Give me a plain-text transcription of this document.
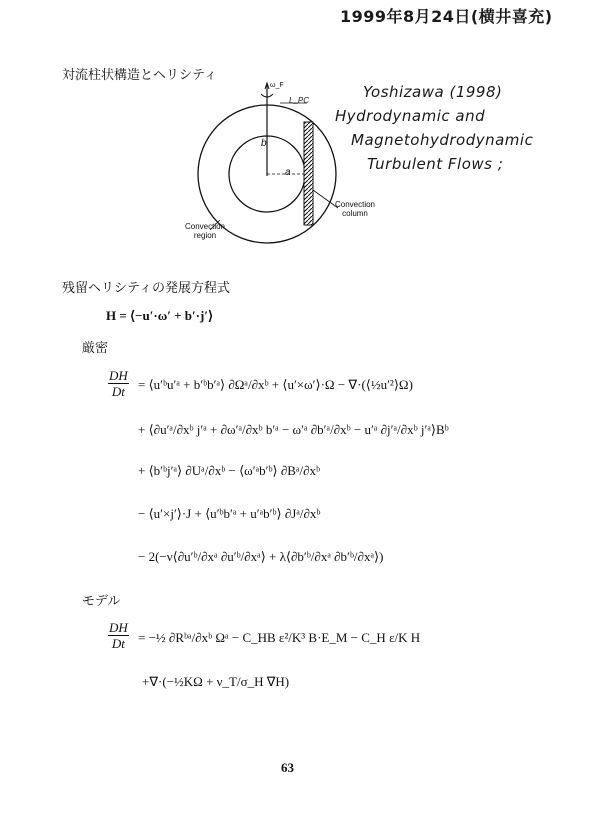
1999年8月24日(横井喜充)
対流柱状構造とヘリシティ
ω_F
L_PC
b
a
Convection region
Convection column
Yoshizawa (1998)
Hydrodynamic and
Magnetohydrodynamic
Turbulent Flows ;
残留ヘリシティの発展方程式
H = ⟨−u′·ω′ + b′·j′⟩
厳密
$\frac{DH}{Dt}$ = ⟨u′ᵇu′ᵃ + b′ᵇb′ᵃ⟩ ∂Ωᵃ/∂xᵇ + ⟨u′×ω′⟩·Ω − ∇·(⟨½u′²⟩Ω)
+ ⟨∂u′ᵃ/∂xᵇ j′ᵃ + ∂ω′ᵃ/∂xᵇ b′ᵃ − ω′ᵃ ∂b′ᵃ/∂xᵇ − u′ᵃ ∂j′ᵃ/∂xᵇ j′ᵃ⟩Bᵇ
+ ⟨b′ᵇj′ᵃ⟩ ∂Uᵃ/∂xᵇ − ⟨ω′ᵃb′ᵇ⟩ ∂Bᵃ/∂xᵇ
− ⟨u′×j′⟩·J + ⟨u′ᵇb′ᵃ + u′ᵃb′ᵇ⟩ ∂Jᵃ/∂xᵇ
− 2(−ν⟨∂u′ᵇ/∂xᵃ ∂u′ᵇ/∂xᵃ⟩ + λ⟨∂b′ᵇ/∂xᵃ ∂b′ᵇ/∂xᵃ⟩)
モデル
$\frac{DH}{Dt}$ = −½ ∂Rᵇᵃ/∂xᵇ Ωᵃ − C_HB ε²/K³ B·E_M − C_H ε/K H
+∇·(−½KΩ + ν_T/σ_H ∇H)
63
